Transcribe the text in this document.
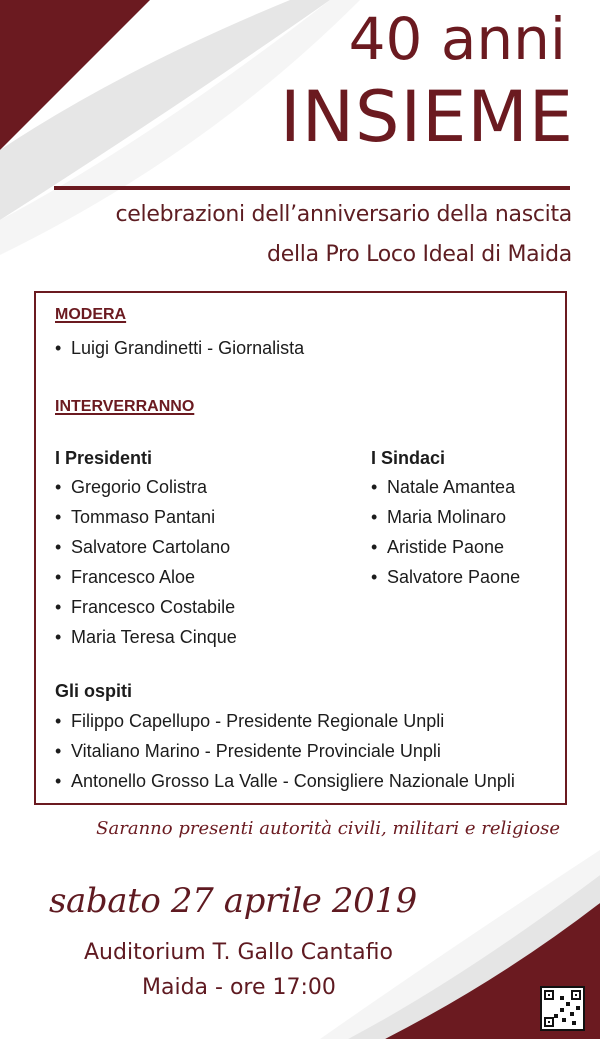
40 anni
INSIEME
celebrazioni dell’anniversario della nascita
della Pro Loco Ideal di Maida
MODERA
• Luigi Grandinetti - Giornalista
INTERVERRANNO
I Presidenti
• Gregorio Colistra
• Tommaso Pantani
• Salvatore Cartolano
• Francesco Aloe
• Francesco Costabile
• Maria Teresa Cinque
I Sindaci
• Natale Amantea
• Maria Molinaro
• Aristide Paone
• Salvatore Paone
Gli ospiti
• Filippo Capellupo - Presidente Regionale Unpli
• Vitaliano Marino - Presidente Provinciale Unpli
• Antonello Grosso La Valle - Consigliere Nazionale Unpli
Saranno presenti autorità civili, militari e religiose
sabato 27 aprile 2019
Auditorium T. Gallo Cantafio
Maida - ore 17:00
